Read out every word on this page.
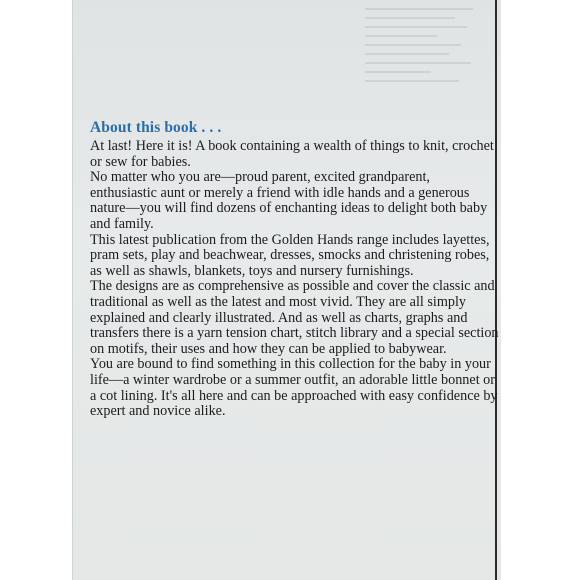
About this book . . .

At last! Here it is! A book containing a wealth of things to knit, crochet or sew for babies.

No matter who you are—proud parent, excited grandparent, enthusiastic aunt or merely a friend with idle hands and a generous nature—you will find dozens of enchanting ideas to delight both baby and family.

This latest publication from the Golden Hands range includes layettes, pram sets, play and beachwear, dresses, smocks and christening robes, as well as shawls, blankets, toys and nursery furnishings.

The designs are as comprehensive as possible and cover the classic and traditional as well as the latest and most vivid. They are all simply explained and clearly illustrated. And as well as charts, graphs and transfers there is a yarn tension chart, stitch library and a special section on motifs, their uses and how they can be applied to babywear.

You are bound to find something in this collection for the baby in your life—a winter wardrobe or a summer outfit, an adorable little bonnet or a cot lining. It's all here and can be approached with easy confidence by expert and novice alike.
